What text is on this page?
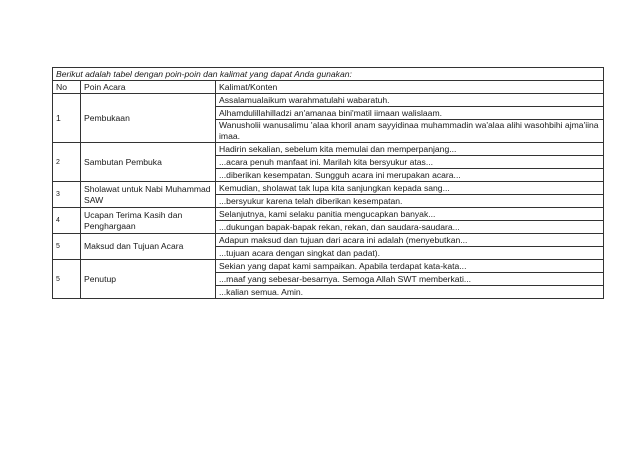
Berikut adalah tabel dengan poin-poin dan kalimat yang dapat Anda gunakan:		
No	Poin Acara	Kalimat/Konten
1	Pembukaan	Assalamualaikum warahmatulahi wabaratuh.
		Alhamdulillahilladzi an'amanaa bini'matil iimaan walislaam.
		Wanusholii wanusalimu 'alaa khoril anam sayyidinaa muhammadin wa'alaa alihi wasohbihi ajma'iina imaa.
2	Sambutan Pembuka	Hadirin sekalian, sebelum kita memulai dan memperpanjang...
		...acara penuh manfaat ini. Marilah kita bersyukur atas...
		...diberikan kesempatan. Sungguh acara ini merupakan acara...
3	Sholawat untuk Nabi Muhammad SAW	Kemudian, sholawat tak lupa kita sanjungkan kepada sang...
		...bersyukur karena telah diberikan kesempatan.
4	Ucapan Terima Kasih dan Penghargaan	Selanjutnya, kami selaku panitia mengucapkan banyak...
		...dukungan bapak-bapak rekan, rekan, dan saudara-saudara...
5	Maksud dan Tujuan Acara	Adapun maksud dan tujuan dari acara ini adalah (menyebutkan...
		...tujuan acara dengan singkat dan padat).
5	Penutup	Sekian yang dapat kami sampaikan. Apabila terdapat kata-kata...
		...maaf yang sebesar-besarnya. Semoga Allah SWT memberkati...
		...kalian semua. Amin.
